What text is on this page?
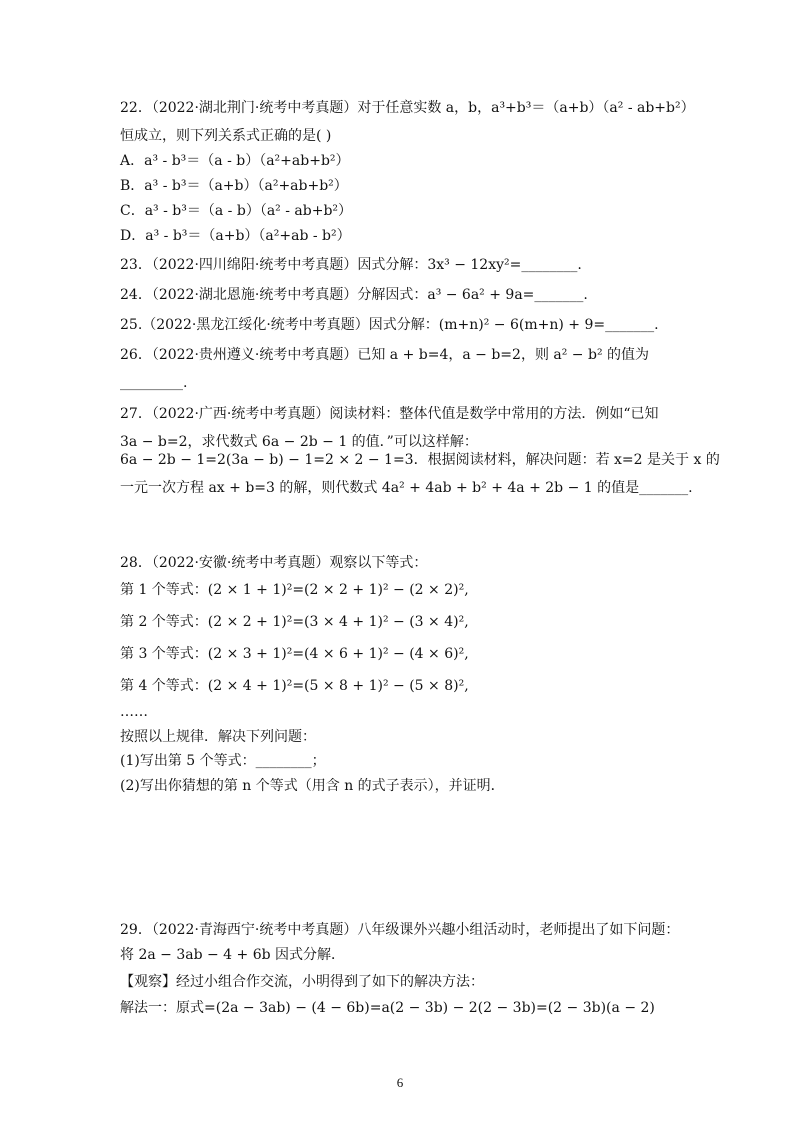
22．（2022·湖北荆门·统考中考真题）对于任意实数 a，b，a³+b³＝（a+b）（a² - ab+b²）
恒成立，则下列关系式正确的是( )
A．a³ - b³＝（a - b）（a²+ab+b²）
B．a³ - b³＝（a+b）（a²+ab+b²）
C．a³ - b³＝（a - b）（a² - ab+b²）
D．a³ - b³＝（a+b）（a²+ab - b²）
23．（2022·四川绵阳·统考中考真题）因式分解：3x³ − 12xy²=________.
24．（2022·湖北恩施·统考中考真题）分解因式：a³ − 6a² + 9a=_______.
25.（2022·黑龙江绥化·统考中考真题）因式分解：(m+n)² − 6(m+n) + 9=_______.
26．（2022·贵州遵义·统考中考真题）已知 a + b=4，a − b=2，则 a² − b² 的值为
_________.
27．（2022·广西·统考中考真题）阅读材料：整体代值是数学中常用的方法．例如“已知
3a − b=2，求代数式 6a − 2b − 1 的值．”可以这样解：
6a − 2b − 1=2(3a − b) − 1=2 × 2 − 1=3．根据阅读材料，解决问题：若 x=2 是关于 x 的
一元一次方程 ax + b=3 的解，则代数式 4a² + 4ab + b² + 4a + 2b − 1 的值是_______.
28．（2022·安徽·统考中考真题）观察以下等式：
第 1 个等式：(2 × 1 + 1)²=(2 × 2 + 1)² − (2 × 2)²,
第 2 个等式：(2 × 2 + 1)²=(3 × 4 + 1)² − (3 × 4)²,
第 3 个等式：(2 × 3 + 1)²=(4 × 6 + 1)² − (4 × 6)²,
第 4 个等式：(2 × 4 + 1)²=(5 × 8 + 1)² − (5 × 8)²,
……
按照以上规律．解决下列问题：
(1)写出第 5 个等式：________；
(2)写出你猜想的第 n 个等式（用含 n 的式子表示），并证明．
29．（2022·青海西宁·统考中考真题）八年级课外兴趣小组活动时，老师提出了如下问题：
将 2a − 3ab − 4 + 6b 因式分解．
【观察】经过小组合作交流，小明得到了如下的解决方法：
解法一：原式=(2a − 3ab) − (4 − 6b)=a(2 − 3b) − 2(2 − 3b)=(2 − 3b)(a − 2)
6
